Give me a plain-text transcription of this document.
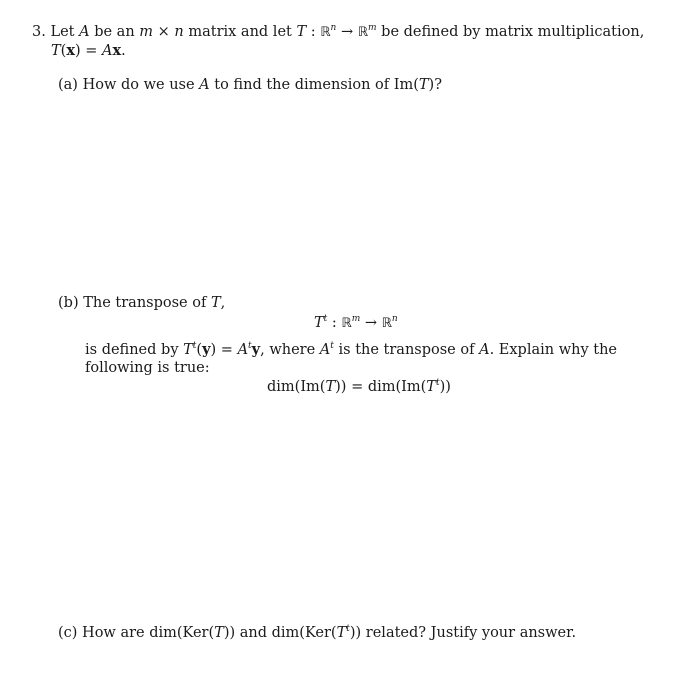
3. Let A be an m × n matrix and let T : ℝ$^n$ → ℝ$^m$ be defined by matrix multiplication,
T(x) = Ax.
(a) How do we use A to find the dimension of Im(T)?
(b) The transpose of T,
$T^t$ : ℝ$^m$ → ℝ$^n$
is defined by $T^t(y) = A^ty$, where $A^t$ is the transpose of A. Explain why the
following is true:
$dim(Im(T)) = dim(Im(T^t))$
(c) How are dim(Ker(T)) and $dim(Ker(T^t))$ related? Justify your answer.
